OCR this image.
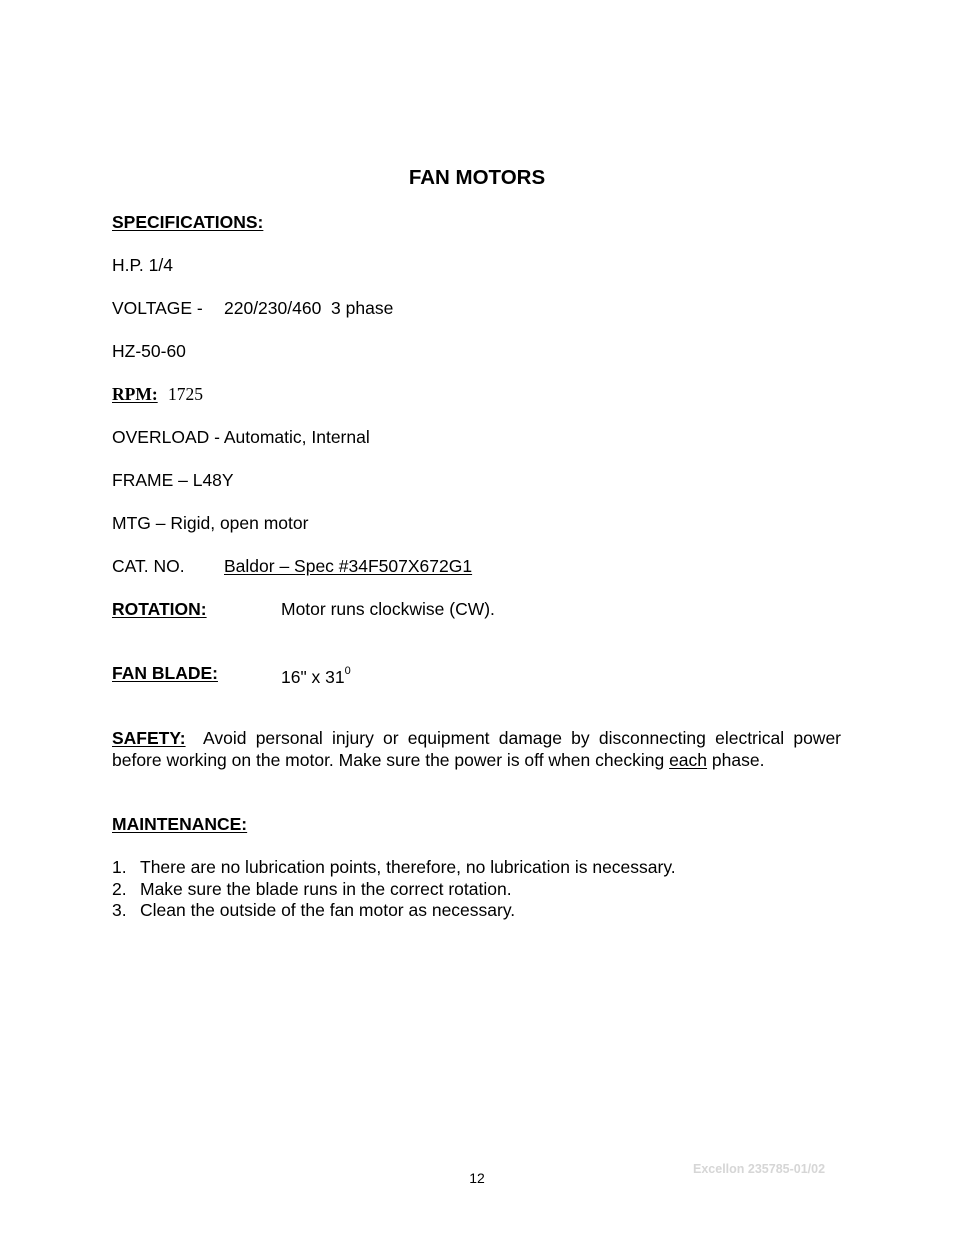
FAN MOTORS
SPECIFICATIONS:
H.P. 1/4
VOLTAGE - 220/230/460  3 phase
HZ-50-60
RPM: 1725
OVERLOAD - Automatic, Internal
FRAME – L48Y
MTG – Rigid, open motor
CAT. NO. Baldor – Spec #34F507X672G1
ROTATION:	Motor runs clockwise (CW).
FAN BLADE:	16" x $31^0$
SAFETY: Avoid personal injury or equipment damage by disconnecting electrical power before working on the motor. Make sure the power is off when checking each phase.
MAINTENANCE:
1. There are no lubrication points, therefore, no lubrication is necessary.
2. Make sure the blade runs in the correct rotation.
3. Clean the outside of the fan motor as necessary.
Excellon 235785-01/02
12
